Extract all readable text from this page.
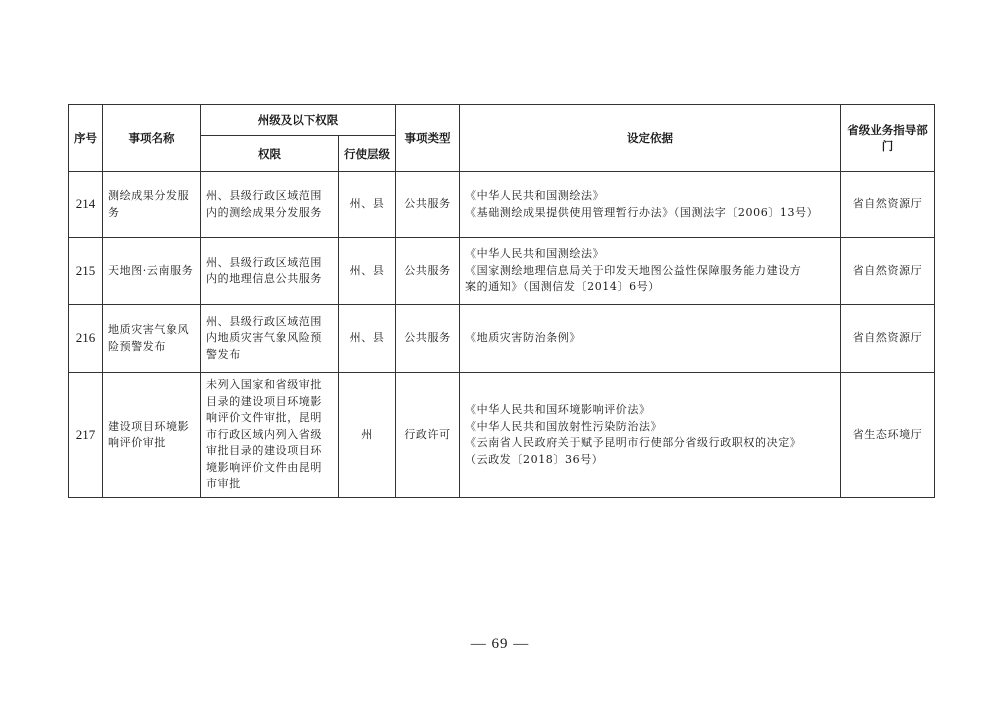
序号	事项名称	州级及以下权限		事项类型	设定依据	省级业务指导部门
		权限	行使层级			
214	测绘成果分发服务	州、县级行政区域范围内的测绘成果分发服务	州、县	公共服务	《中华人民共和国测绘法》
《基础测绘成果提供使用管理暂行办法》（国测法字〔2006〕13号）	省自然资源厅
215	天地图·云南服务	州、县级行政区域范围内的地理信息公共服务	州、县	公共服务	《中华人民共和国测绘法》
《国家测绘地理信息局关于印发天地图公益性保障服务能力建设方
案的通知》（国测信发〔2014〕6号）	省自然资源厅
216	地质灾害气象风险预警发布	州、县级行政区域范围内地质灾害气象风险预警发布	州、县	公共服务	《地质灾害防治条例》	省自然资源厅
217	建设项目环境影响评价审批	未列入国家和省级审批目录的建设项目环境影响评价文件审批，昆明市行政区域内列入省级审批目录的建设项目环境影响评价文件由昆明市审批	州	行政许可	《中华人民共和国环境影响评价法》
《中华人民共和国放射性污染防治法》
《云南省人民政府关于赋予昆明市行使部分省级行政职权的决定》
（云政发〔2018〕36号）	省生态环境厅
— 69 —
